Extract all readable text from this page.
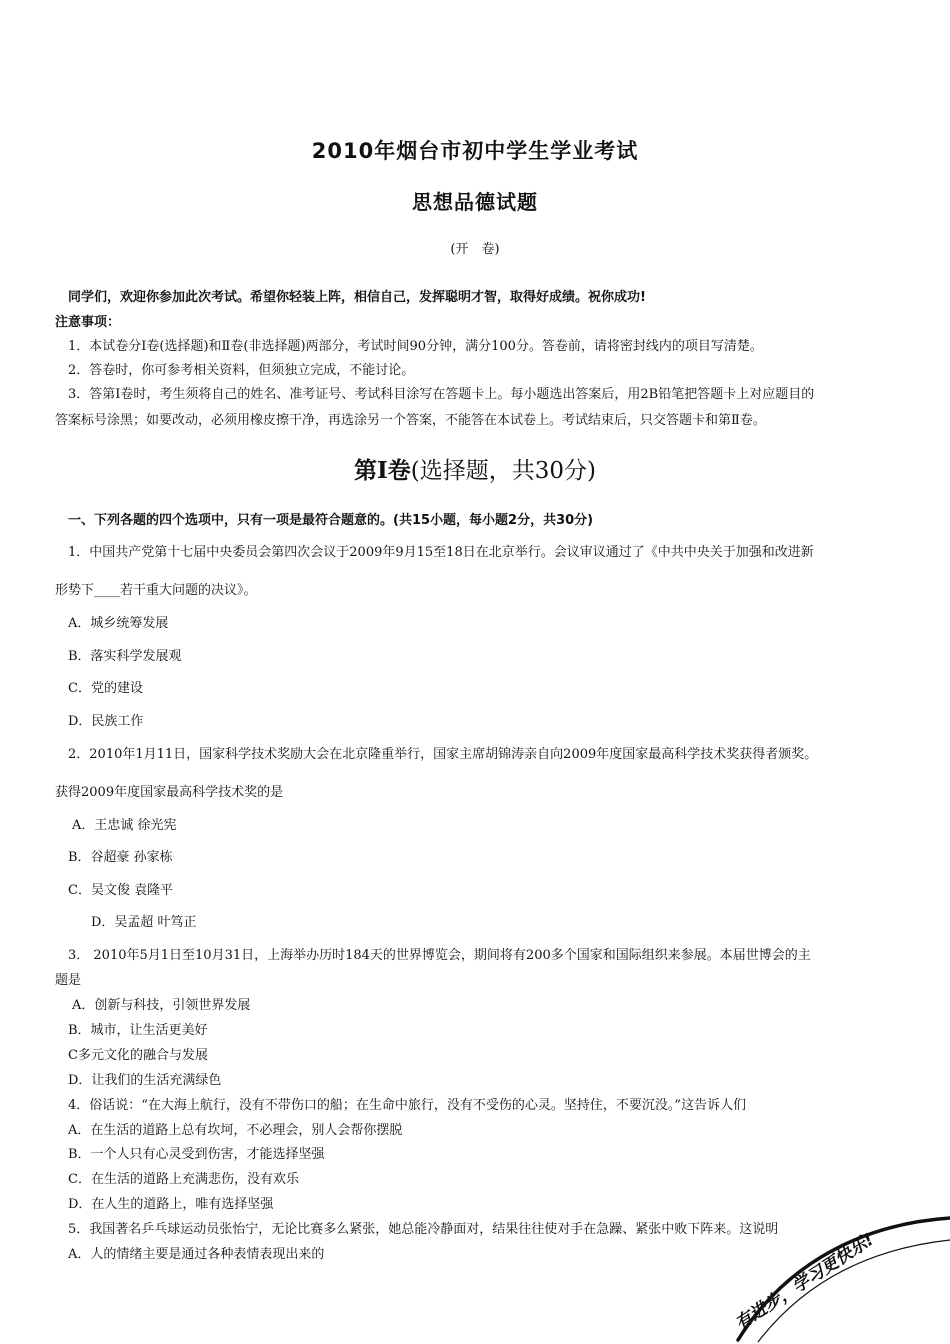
2010年烟台市初中学生学业考试
思想品德试题
(开　卷)
同学们，欢迎你参加此次考试。希望你轻装上阵，相信自己，发挥聪明才智，取得好成绩。祝你成功!
注意事项：
1．本试卷分Ⅰ卷(选择题)和Ⅱ卷(非选择题)两部分，考试时间90分钟，满分100分。答卷前，请将密封线内的项目写清楚。
2．答卷时，你可参考相关资料，但须独立完成，不能讨论。
3．答第Ⅰ卷时，考生须将自己的姓名、准考证号、考试科目涂写在答题卡上。每小题选出答案后，用2B铅笔把答题卡上对应题目的
答案标号涂黑；如要改动，必须用橡皮擦干净，再选涂另一个答案，不能答在本试卷上。考试结束后，只交答题卡和第Ⅱ卷。
第Ⅰ卷(选择题，共30分)
一、下列各题的四个选项中，只有一项是最符合题意的。(共15小题，每小题2分，共30分)
1．中国共产党第十七届中央委员会第四次会议于2009年9月15至18日在北京举行。会议审议通过了《中共中央关于加强和改进新
形势下____若干重大问题的决议》。
A．城乡统筹发展
B．落实科学发展观
C．党的建设
D．民族工作
2．2010年1月11日，国家科学技术奖励大会在北京隆重举行，国家主席胡锦涛亲自向2009年度国家最高科学技术奖获得者颁奖。
获得2009年度国家最高科学技术奖的是
A．王忠诚 徐光宪
B．谷超豪 孙家栋
C．吴文俊 袁隆平
D．吴孟超 叶笃正
3． 2010年5月1日至10月31日，上海举办历时184天的世界博览会，期间将有200多个国家和国际组织来参展。本届世博会的主
题是
A．创新与科技，引领世界发展
B．城市，让生活更美好
C多元文化的融合与发展
D．让我们的生活充满绿色
4．俗话说：“在大海上航行，没有不带伤口的船；在生命中旅行，没有不受伤的心灵。坚持住，不要沉没。”这告诉人们
A．在生活的道路上总有坎坷，不必理会，别人会帮你摆脱
B．一个人只有心灵受到伤害，才能选择坚强
C．在生活的道路上充满悲伤，没有欢乐
D．在人生的道路上，唯有选择坚强
5．我国著名乒乓球运动员张怡宁，无论比赛多么紧张，她总能冷静面对，结果往往使对手在急躁、紧张中败下阵来。这说明
A．人的情绪主要是通过各种表情表现出来的	有进步，学习更快乐!
